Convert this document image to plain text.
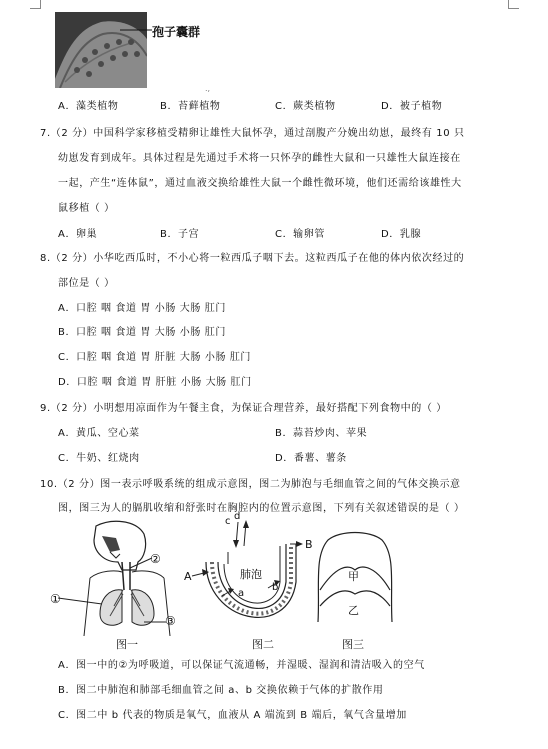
孢子囊群
.,
A．藻类植物	B．苔藓植物	C．蕨类植物	D．被子植物
7.（2 分）中国科学家移植受精卵让雄性大鼠怀孕，通过剖腹产分娩出幼崽，最终有 10 只
幼崽发育到成年。具体过程是先通过手术将一只怀孕的雌性大鼠和一只雄性大鼠连接在
一起，产生“连体鼠”，通过血液交换给雄性大鼠一个雌性微环境，他们还需给该雄性大
鼠移植（ ）
A．卵巢	B．子宫	C．输卵管	D．乳腺
8.（2 分）小华吃西瓜时，不小心将一粒西瓜子咽下去。这粒西瓜子在他的体内依次经过的
部位是（ ）
A．口腔 咽 食道 胃 小肠 大肠 肛门
B．口腔 咽 食道 胃 大肠 小肠 肛门
C．口腔 咽 食道 胃 肝脏 大肠 小肠 肛门
D．口腔 咽 食道 胃 肝脏 小肠 大肠 肛门
9.（2 分）小明想用凉面作为午餐主食，为保证合理营养，最好搭配下列食物中的（ ）
A．黄瓜、空心菜	B．蒜苔炒肉、苹果
C．牛奶、红烧肉	D．番薯、薯条
10.（2 分）图一表示呼吸系统的组成示意图，图二为肺泡与毛细血管之间的气体交换示意
图，图三为人的膈肌收缩和舒张时在胸腔内的位置示意图，下列有关叙述错误的是（ ）
②
①
③
图一
c d
B
肺泡
A
b
a
图二
甲
乙
图三
A．图一中的②为呼吸道，可以保证气流通畅，并湿暖、湿润和清洁吸入的空气
B．图二中肺泡和肺部毛细血管之间 a、b 交换依赖于气体的扩散作用
C．图二中 b 代表的物质是氧气，血液从 A 端流到 B 端后，氧气含量增加
